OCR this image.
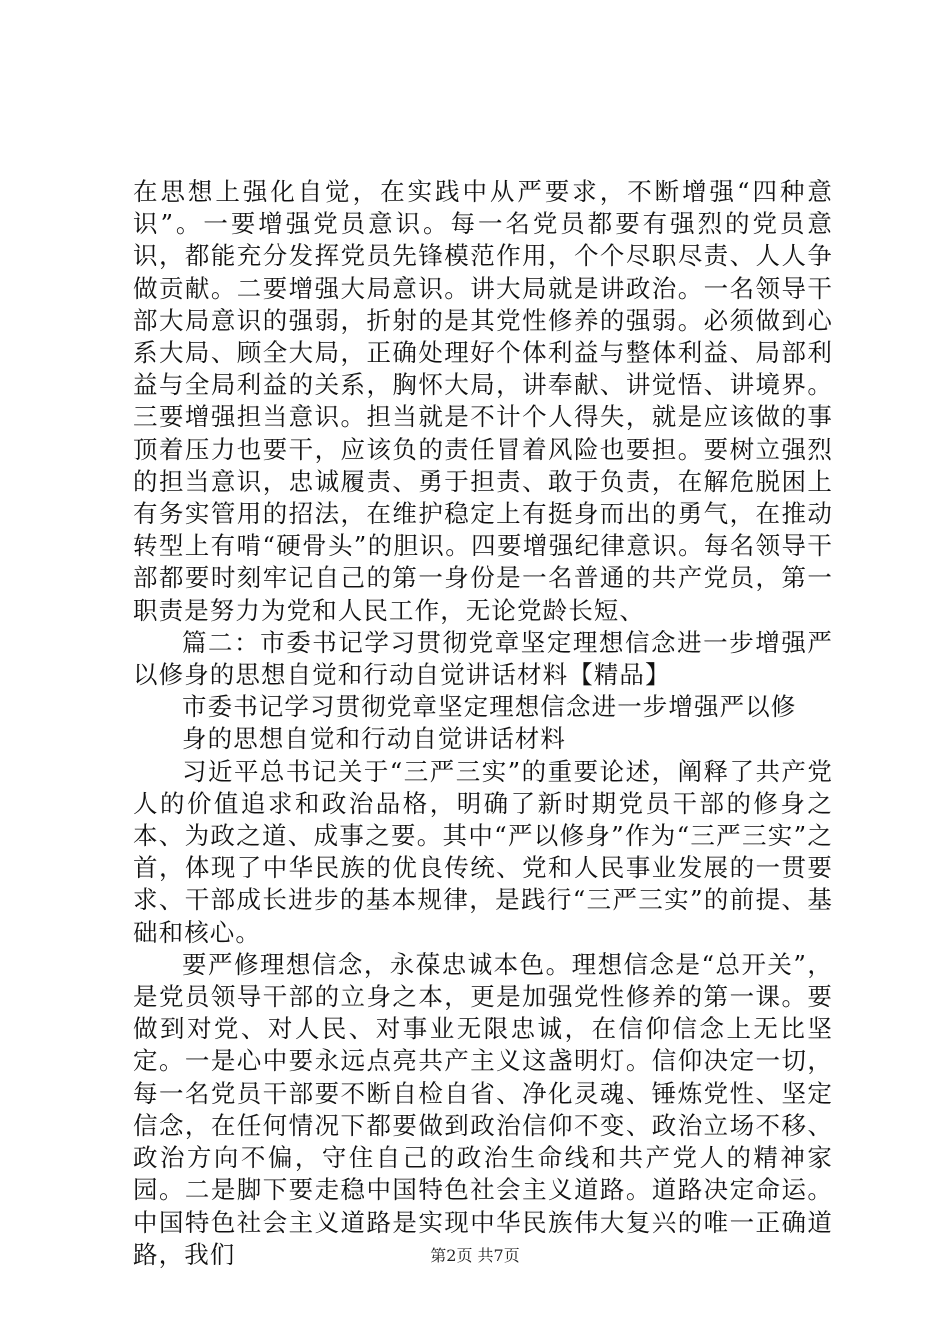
在思想上强化自觉，在实践中从严要求，不断增强“四种意识”。一要增强党员意识。每一名党员都要有强烈的党员意识，都能充分发挥党员先锋模范作用，个个尽职尽责、人人争做贡献。二要增强大局意识。讲大局就是讲政治。一名领导干部大局意识的强弱，折射的是其党性修养的强弱。必须做到心系大局、顾全大局，正确处理好个体利益与整体利益、局部利益与全局利益的关系，胸怀大局，讲奉献、讲觉悟、讲境界。三要增强担当意识。担当就是不计个人得失，就是应该做的事顶着压力也要干，应该负的责任冒着风险也要担。要树立强烈的担当意识，忠诚履责、勇于担责、敢于负责，在解危脱困上有务实管用的招法，在维护稳定上有挺身而出的勇气，在推动转型上有啃“硬骨头”的胆识。四要增强纪律意识。每名领导干部都要时刻牢记自己的第一身份是一名普通的共产党员，第一职责是努力为党和人民工作，无论党龄长短、

篇二：市委书记学习贯彻党章坚定理想信念进一步增强严以修身的思想自觉和行动自觉讲话材料【精品】

市委书记学习贯彻党章坚定理想信念进一步增强严以修

身的思想自觉和行动自觉讲话材料

习近平总书记关于“三严三实”的重要论述，阐释了共产党人的价值追求和政治品格，明确了新时期党员干部的修身之本、为政之道、成事之要。其中“严以修身”作为“三严三实”之首，体现了中华民族的优良传统、党和人民事业发展的一贯要求、干部成长进步的基本规律，是践行“三严三实”的前提、基础和核心。

要严修理想信念，永葆忠诚本色。理想信念是“总开关”，是党员领导干部的立身之本，更是加强党性修养的第一课。要做到对党、对人民、对事业无限忠诚，在信仰信念上无比坚定。一是心中要永远点亮共产主义这盏明灯。信仰决定一切，每一名党员干部要不断自检自省、净化灵魂、锤炼党性、坚定信念，在任何情况下都要做到政治信仰不变、政治立场不移、政治方向不偏，守住自己的政治生命线和共产党人的精神家园。二是脚下要走稳中国特色社会主义道路。道路决定命运。中国特色社会主义道路是实现中华民族伟大复兴的唯一正确道路，我们	第2页 共7页
